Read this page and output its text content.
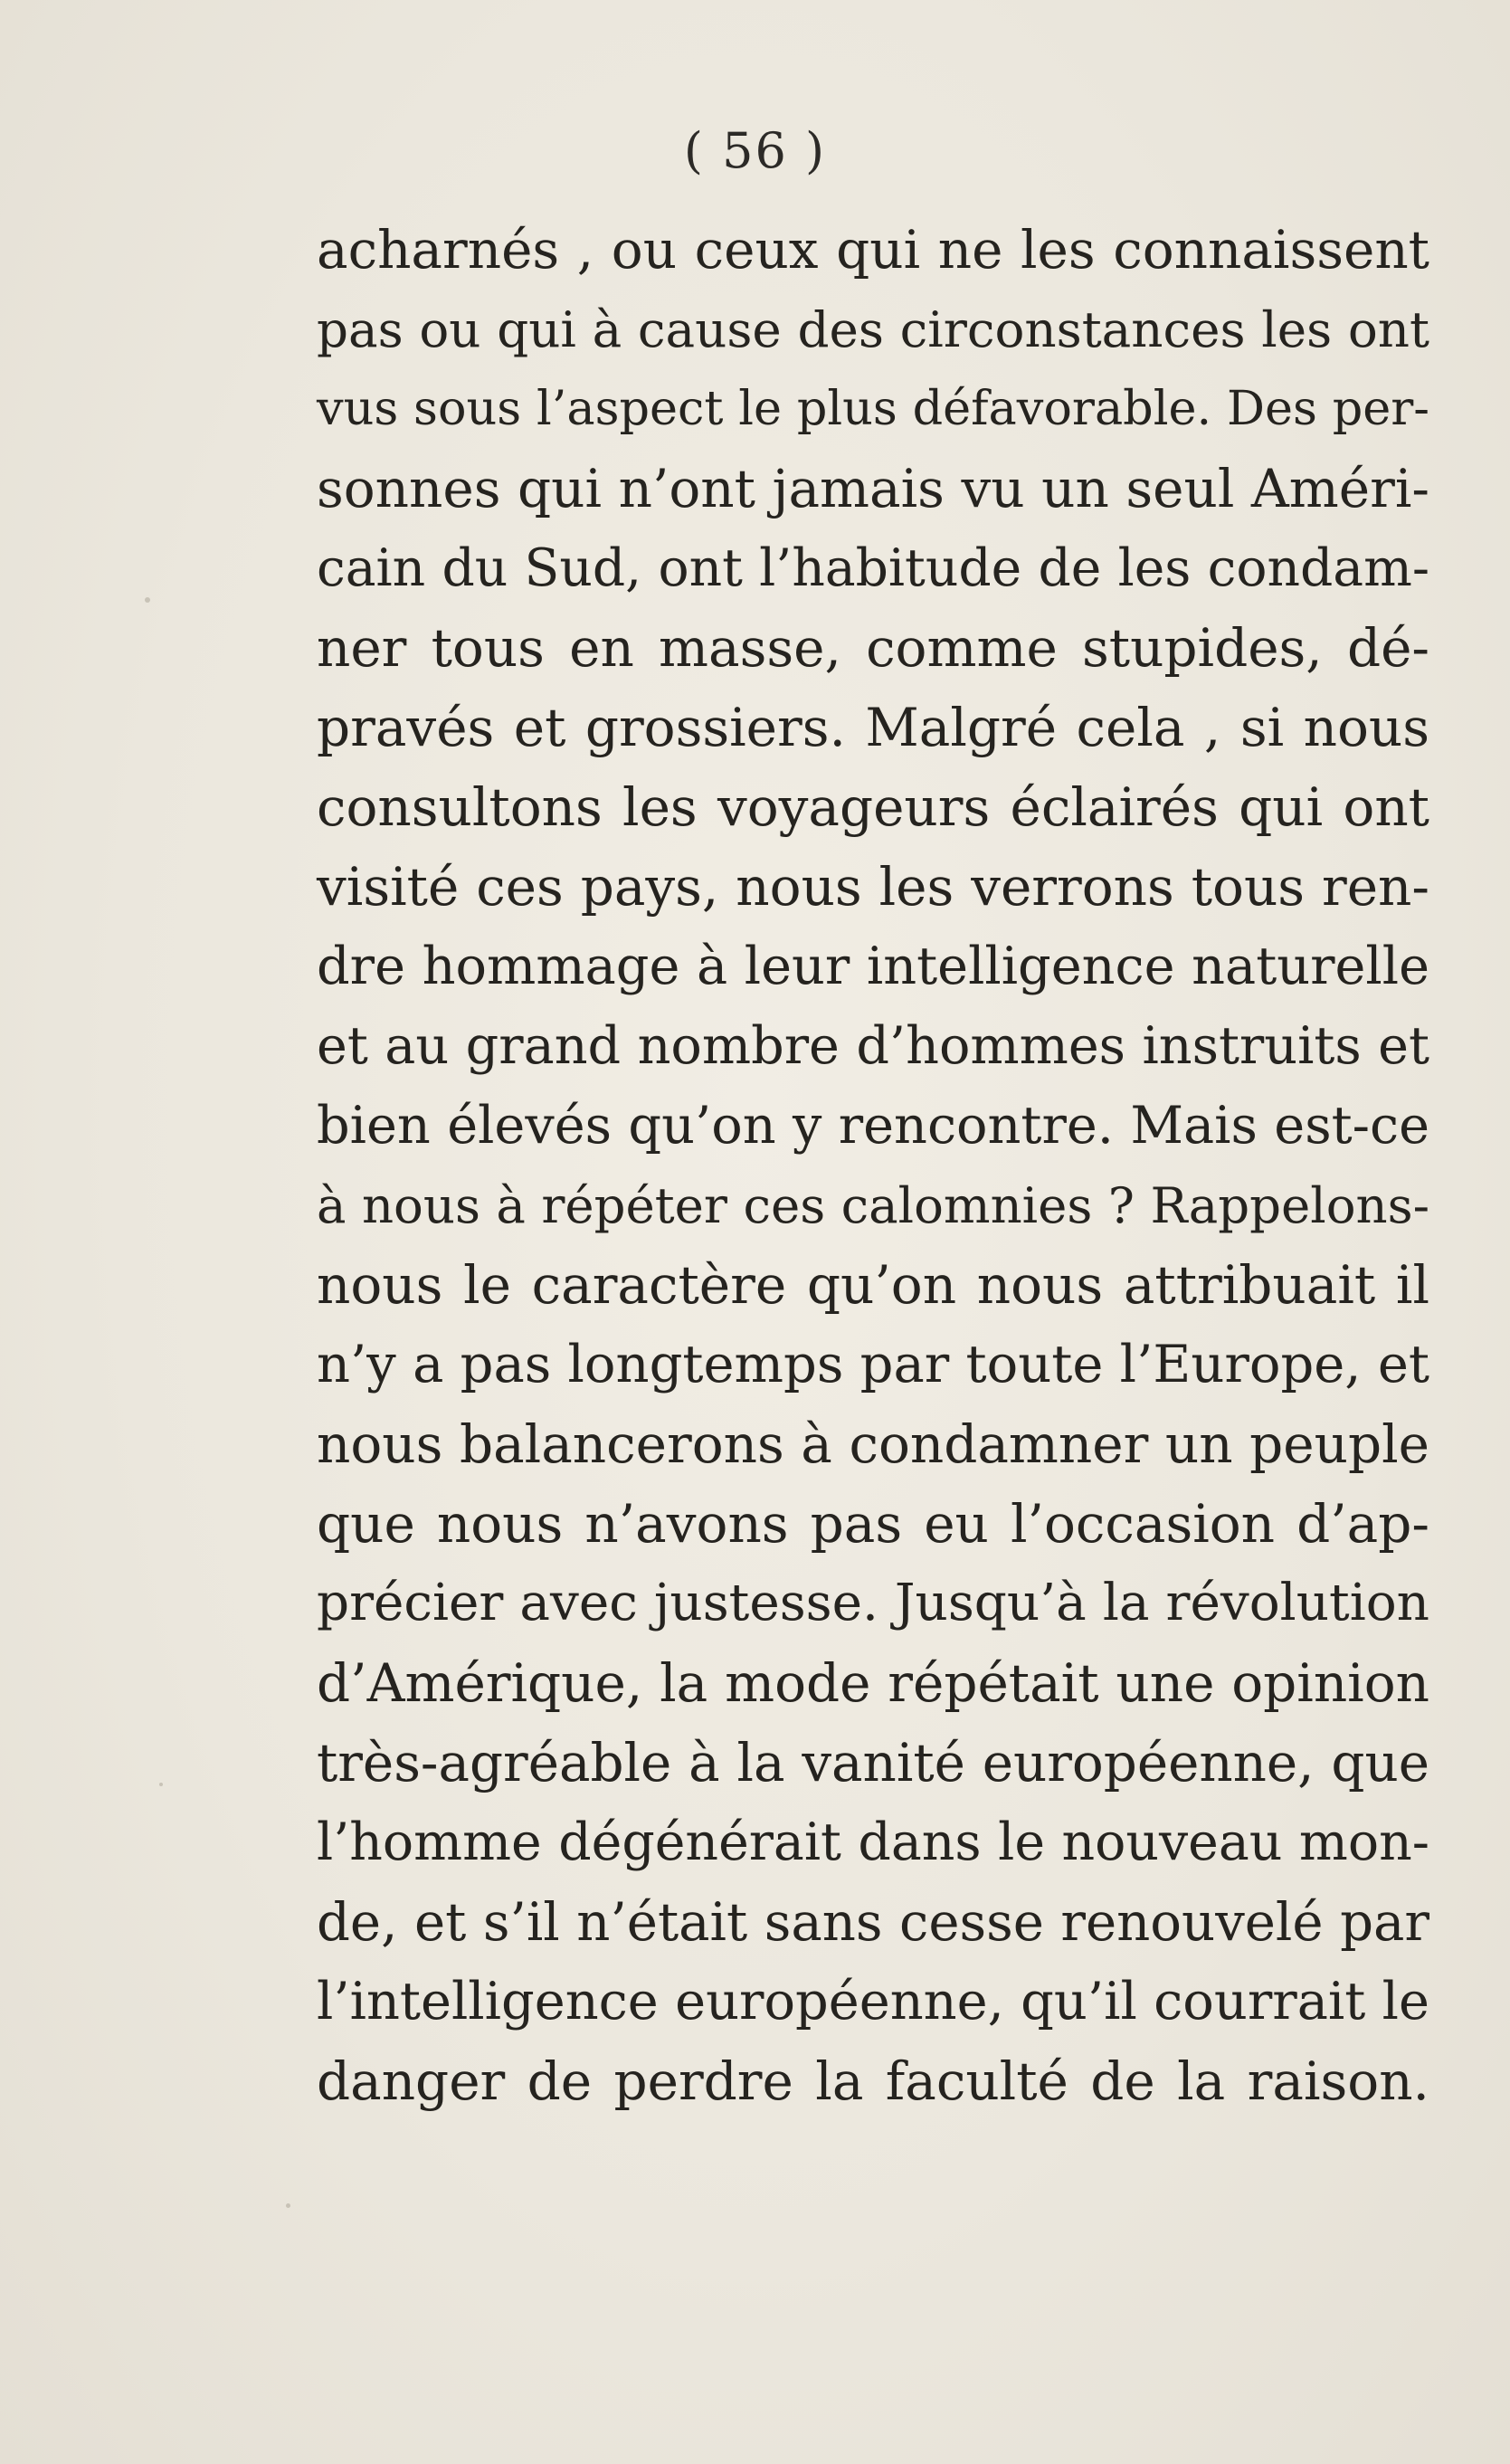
( 56 )
acharnés , ou ceux qui ne les connaissent
pas ou qui à cause des circonstances les ont
vus sous l’aspect le plus défavorable. Des per-
sonnes qui n’ont jamais vu un seul Améri-
cain du Sud, ont l’habitude de les condam-
ner tous en masse, comme stupides, dé-
pravés et grossiers. Malgré cela , si nous
consultons les voyageurs éclairés qui ont
visité ces pays, nous les verrons tous ren-
dre hommage à leur intelligence naturelle
et au grand nombre d’hommes instruits et
bien élevés qu’on y rencontre. Mais est-ce
à nous à répéter ces calomnies ? Rappelons-
nous le caractère qu’on nous attribuait il
n’y a pas longtemps par toute l’Europe, et
nous balancerons à condamner un peuple
que nous n’avons pas eu l’occasion d’ap-
précier avec justesse. Jusqu’à la révolution
d’Amérique, la mode répétait une opinion
très-agréable à la vanité européenne, que
l’homme dégénérait dans le nouveau mon-
de, et s’il n’était sans cesse renouvelé par
l’intelligence européenne, qu’il courrait le
danger de perdre la faculté de la raison.
